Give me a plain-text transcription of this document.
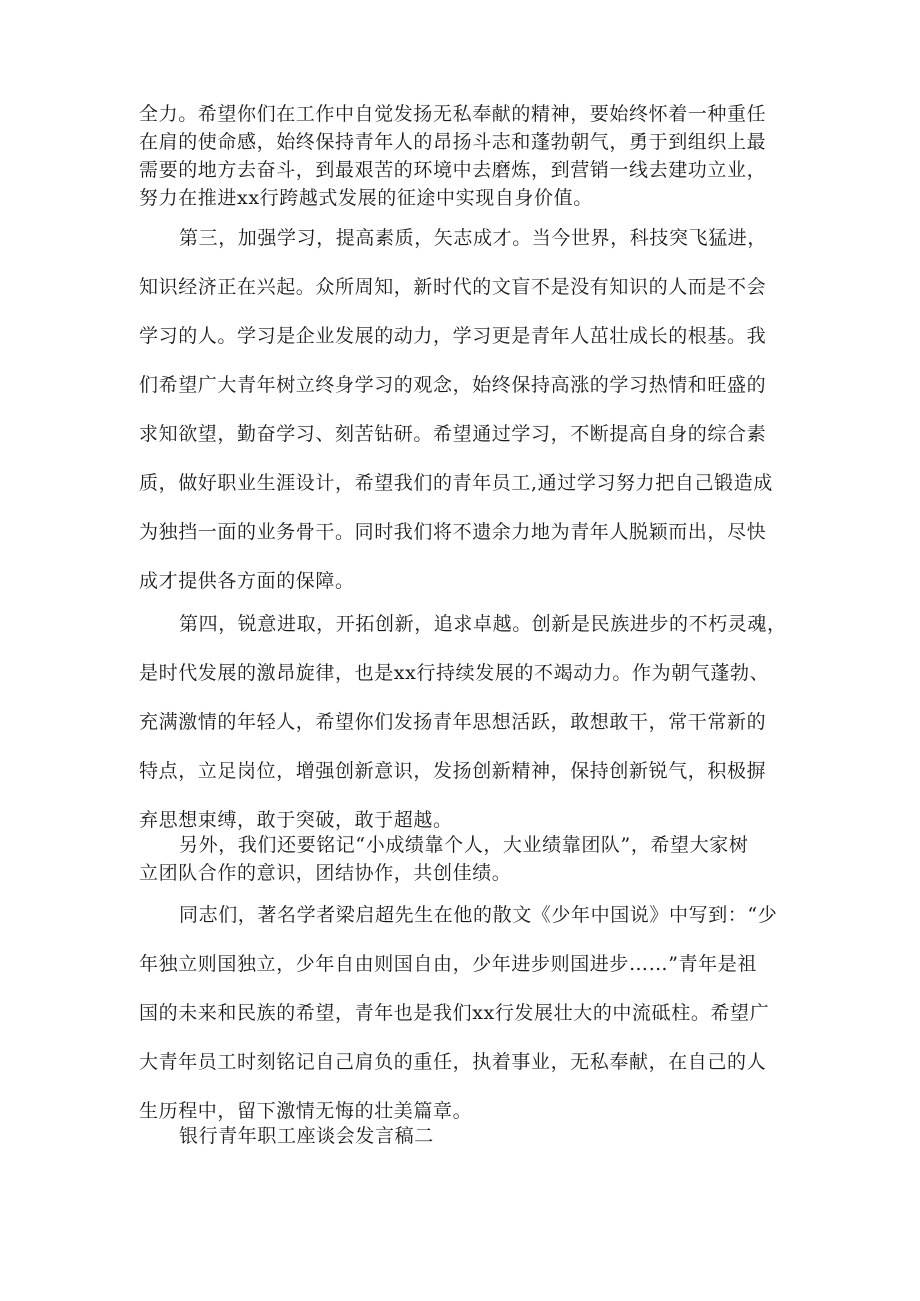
全力。希望你们在工作中自觉发扬无私奉献的精神，要始终怀着一种重任
在肩的使命感，始终保持青年人的昂扬斗志和蓬勃朝气，勇于到组织上最
需要的地方去奋斗，到最艰苦的环境中去磨炼，到营销一线去建功立业，
努力在推进xx行跨越式发展的征途中实现自身价值。
第三，加强学习，提高素质，矢志成才。当今世界，科技突飞猛进，
知识经济正在兴起。众所周知，新时代的文盲不是没有知识的人而是不会
学习的人。学习是企业发展的动力，学习更是青年人茁壮成长的根基。我
们希望广大青年树立终身学习的观念，始终保持高涨的学习热情和旺盛的
求知欲望，勤奋学习、刻苦钻研。希望通过学习，不断提高自身的综合素
质，做好职业生涯设计，希望我们的青年员工,通过学习努力把自己锻造成
为独挡一面的业务骨干。同时我们将不遗余力地为青年人脱颖而出，尽快
成才提供各方面的保障。
第四，锐意进取，开拓创新，追求卓越。创新是民族进步的不朽灵魂，
是时代发展的激昂旋律，也是xx行持续发展的不竭动力。作为朝气蓬勃、
充满激情的年轻人，希望你们发扬青年思想活跃，敢想敢干，常干常新的
特点，立足岗位，增强创新意识，发扬创新精神，保持创新锐气，积极摒
弃思想束缚，敢于突破，敢于超越。
另外，我们还要铭记“小成绩靠个人，大业绩靠团队”，希望大家树
立团队合作的意识，团结协作，共创佳绩。
同志们，著名学者梁启超先生在他的散文《少年中国说》中写到：“少
年独立则国独立，少年自由则国自由，少年进步则国进步……”青年是祖
国的未来和民族的希望，青年也是我们xx行发展壮大的中流砥柱。希望广
大青年员工时刻铭记自己肩负的重任，执着事业，无私奉献，在自己的人
生历程中，留下激情无悔的壮美篇章。
银行青年职工座谈会发言稿二
